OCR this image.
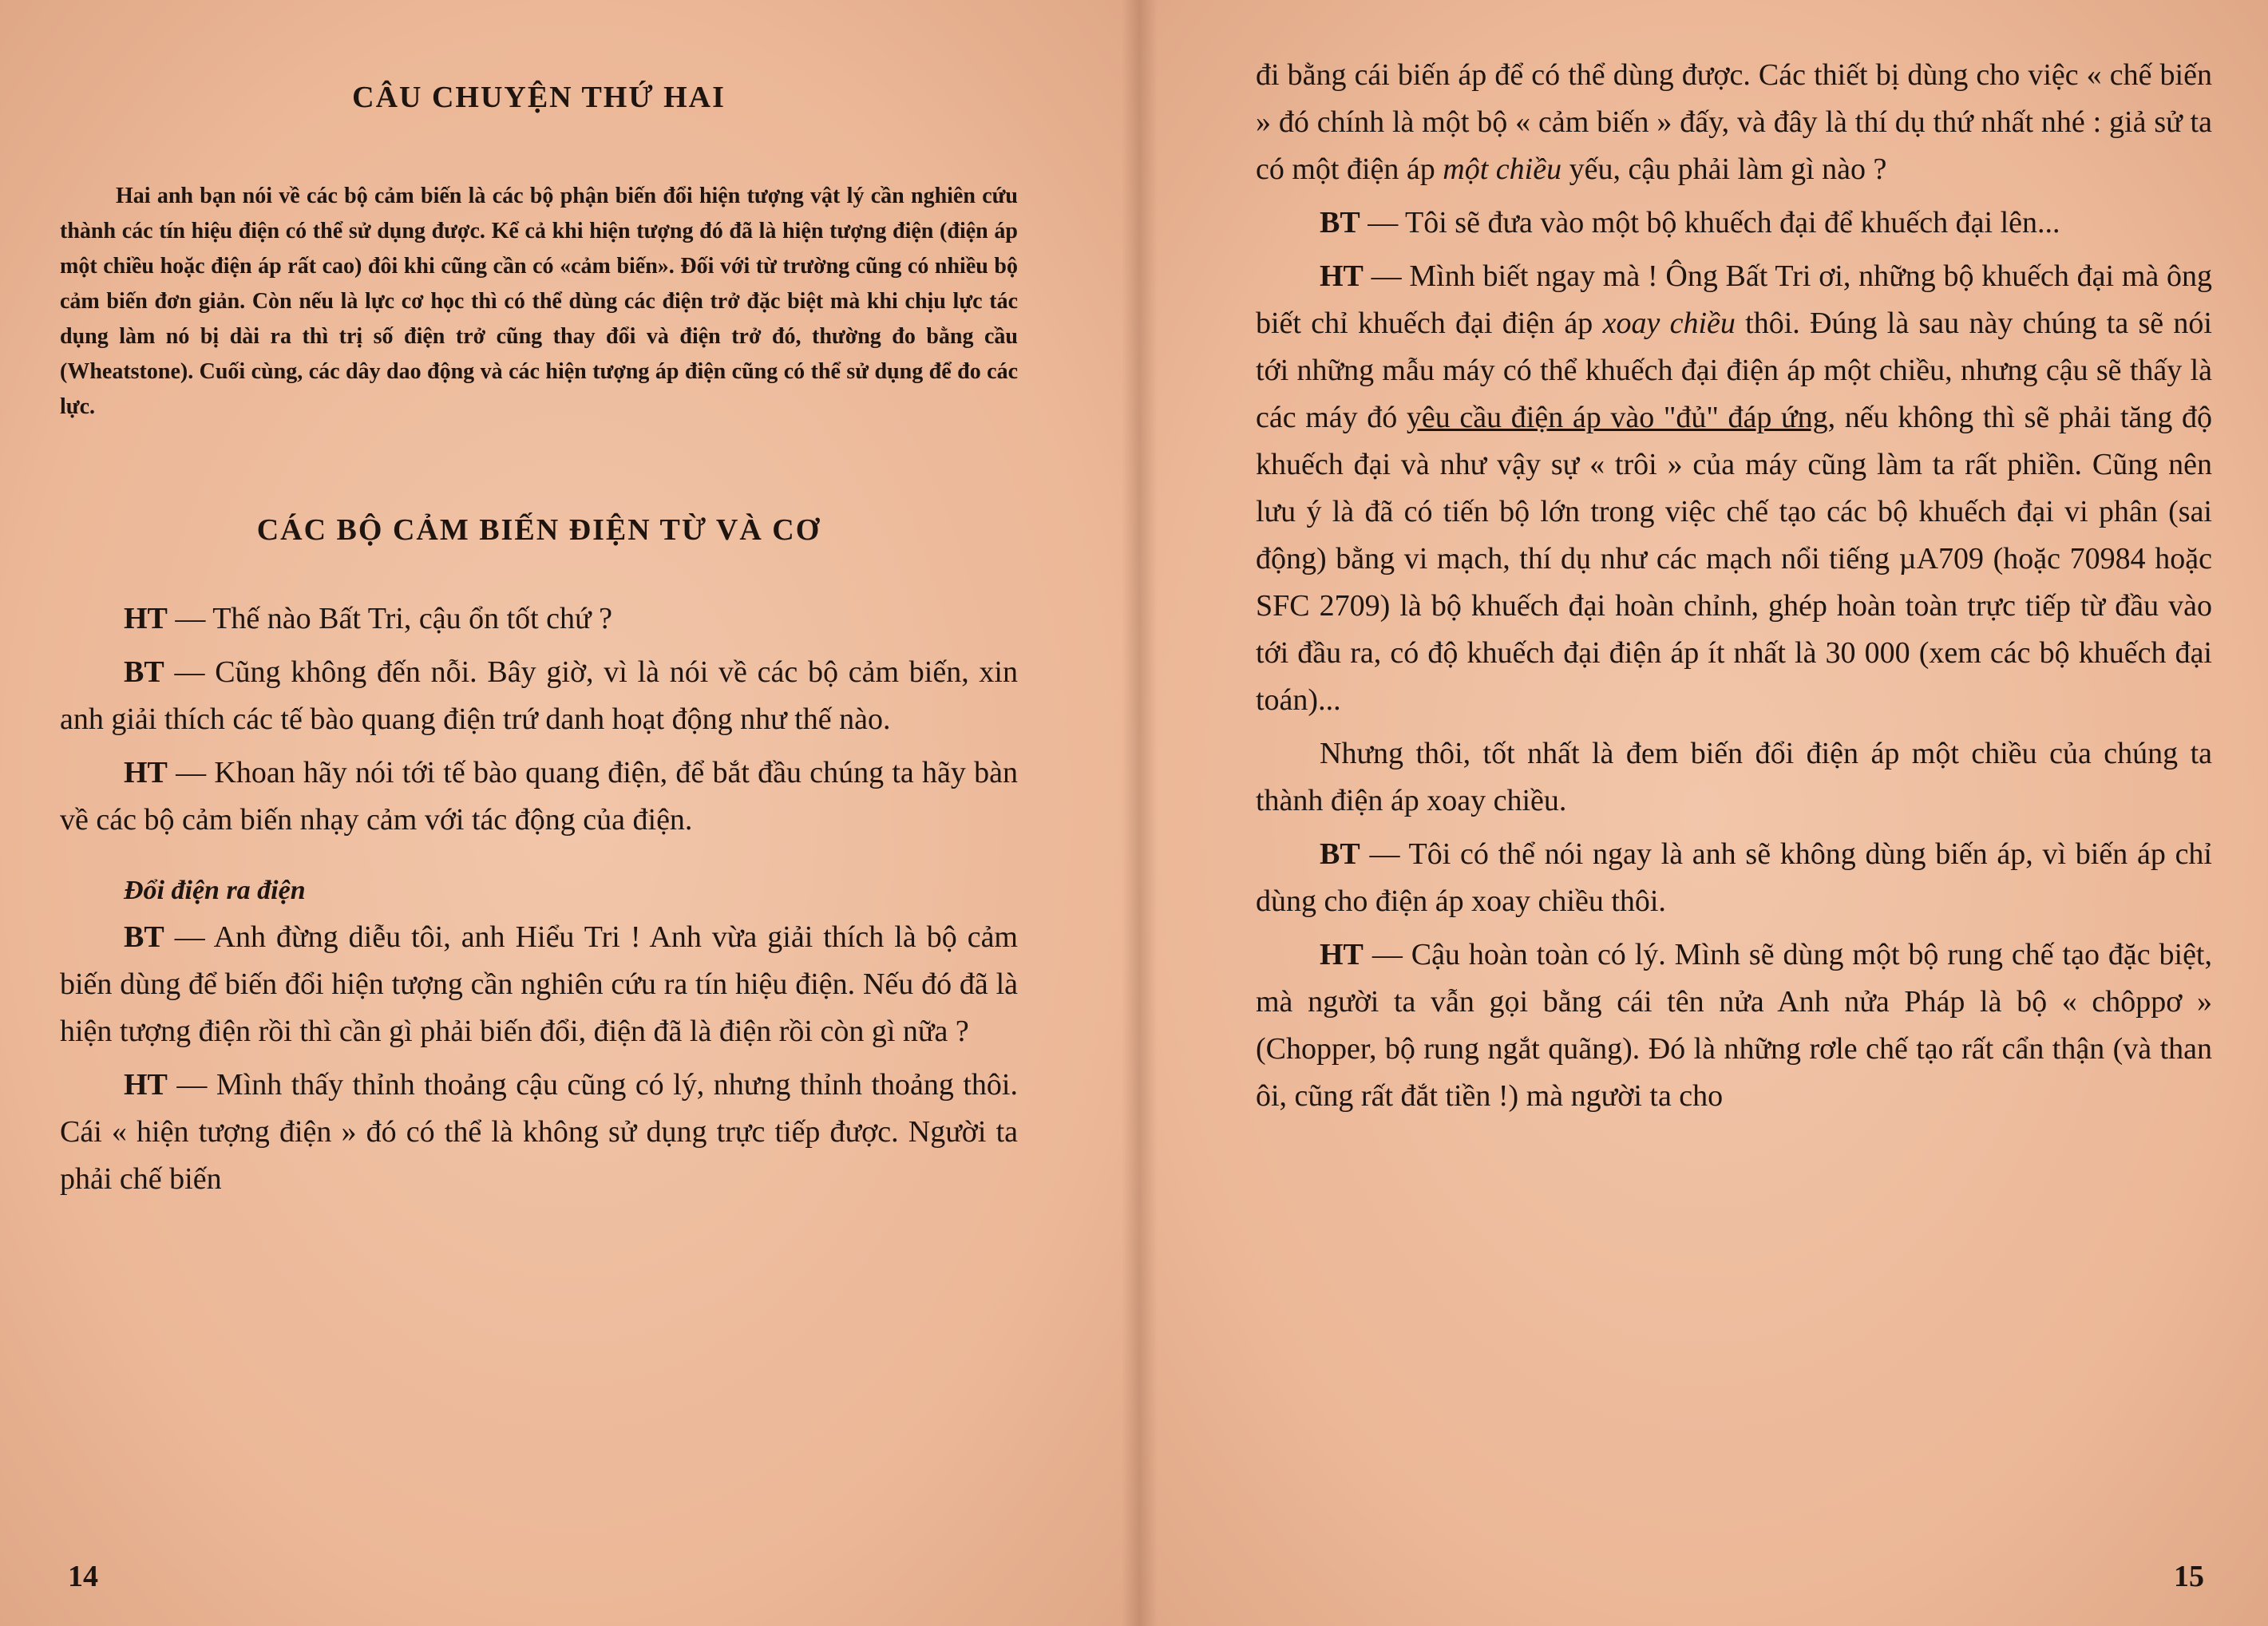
CÂU CHUYỆN THỨ HAI

Hai anh bạn nói về các bộ cảm biến là các bộ phận biến đổi hiện tượng vật lý cần nghiên cứu thành các tín hiệu điện có thể sử dụng được. Kể cả khi hiện tượng đó đã là hiện tượng điện (điện áp một chiều hoặc điện áp rất cao) đôi khi cũng cần có «cảm biến». Đối với từ trường cũng có nhiều bộ cảm biến đơn giản. Còn nếu là lực cơ học thì có thể dùng các điện trở đặc biệt mà khi chịu lực tác dụng làm nó bị dài ra thì trị số điện trở cũng thay đổi và điện trở đó, thường đo bằng cầu (Wheatstone). Cuối cùng, các dây dao động và các hiện tượng áp điện cũng có thể sử dụng để đo các lực.

CÁC BỘ CẢM BIẾN ĐIỆN TỪ VÀ CƠ

HT — Thế nào Bất Tri, cậu ổn tốt chứ ?

BT — Cũng không đến nỗi. Bây giờ, vì là nói về các bộ cảm biến, xin anh giải thích các tế bào quang điện trứ danh hoạt động như thế nào.

HT — Khoan hãy nói tới tế bào quang điện, để bắt đầu chúng ta hãy bàn về các bộ cảm biến nhạy cảm với tác động của điện.

Đổi điện ra điện

BT — Anh đừng diễu tôi, anh Hiểu Tri ! Anh vừa giải thích là bộ cảm biến dùng để biến đổi hiện tượng cần nghiên cứu ra tín hiệu điện. Nếu đó đã là hiện tượng điện rồi thì cần gì phải biến đổi, điện đã là điện rồi còn gì nữa ?

HT — Mình thấy thỉnh thoảng cậu cũng có lý, nhưng thỉnh thoảng thôi. Cái « hiện tượng điện » đó có thể là không sử dụng trực tiếp được. Người ta phải chế biến

14

đi bằng cái biến áp để có thể dùng được. Các thiết bị dùng cho việc « chế biến » đó chính là một bộ « cảm biến » đấy, và đây là thí dụ thứ nhất nhé : giả sử ta có một điện áp một chiều yếu, cậu phải làm gì nào ?

BT — Tôi sẽ đưa vào một bộ khuếch đại để khuếch đại lên...

HT — Mình biết ngay mà ! Ông Bất Tri ơi, những bộ khuếch đại mà ông biết chỉ khuếch đại điện áp xoay chiều thôi. Đúng là sau này chúng ta sẽ nói tới những mẫu máy có thể khuếch đại điện áp một chiều, nhưng cậu sẽ thấy là các máy đó yêu cầu điện áp vào "đủ" đáp ứng, nếu không thì sẽ phải tăng độ khuếch đại và như vậy sự « trôi » của máy cũng làm ta rất phiền. Cũng nên lưu ý là đã có tiến bộ lớn trong việc chế tạo các bộ khuếch đại vi phân (sai động) bằng vi mạch, thí dụ như các mạch nổi tiếng µA709 (hoặc 70984 hoặc SFC 2709) là bộ khuếch đại hoàn chỉnh, ghép hoàn toàn trực tiếp từ đầu vào tới đầu ra, có độ khuếch đại điện áp ít nhất là 30 000 (xem các bộ khuếch đại toán)...

Nhưng thôi, tốt nhất là đem biến đổi điện áp một chiều của chúng ta thành điện áp xoay chiều.

BT — Tôi có thể nói ngay là anh sẽ không dùng biến áp, vì biến áp chỉ dùng cho điện áp xoay chiều thôi.

HT — Cậu hoàn toàn có lý. Mình sẽ dùng một bộ rung chế tạo đặc biệt, mà người ta vẫn gọi bằng cái tên nửa Anh nửa Pháp là bộ « chôppơ » (Chopper, bộ rung ngắt quãng). Đó là những rơle chế tạo rất cẩn thận (và than ôi, cũng rất đắt tiền !) mà người ta cho

15
